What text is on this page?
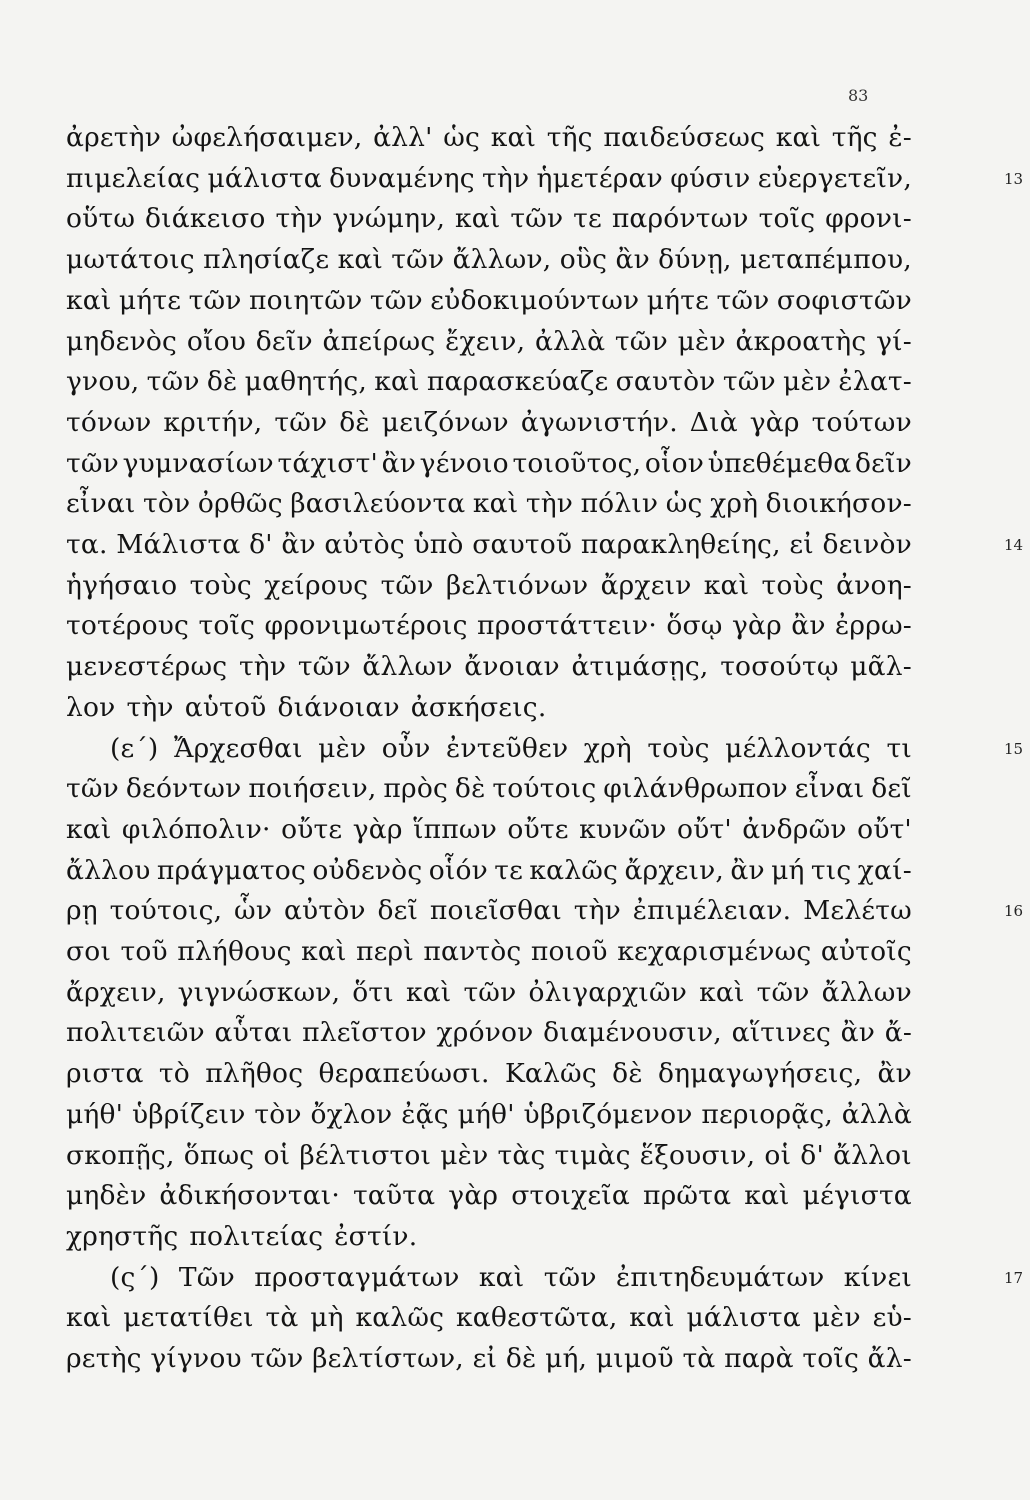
83
ἀρετὴν ὠφελήσαιμεν, ἀλλ' ὡς καὶ τῆς παιδεύσεως καὶ τῆς ἐ-
πιμελείας μάλιστα δυναμένης τὴν ἡμετέραν φύσιν εὐεργετεῖν,
οὕτω διάκεισο τὴν γνώμην, καὶ τῶν τε παρόντων τοῖς φρονι-
μωτάτοις πλησίαζε καὶ τῶν ἄλλων, οὓς ἂν δύνῃ, μεταπέμπου,
καὶ μήτε τῶν ποιητῶν τῶν εὐδοκιμούντων μήτε τῶν σοφιστῶν
μηδενὸς οἴου δεῖν ἀπείρως ἔχειν, ἀλλὰ τῶν μὲν ἀκροατὴς γί-
γνου, τῶν δὲ μαθητής, καὶ παρασκεύαζε σαυτὸν τῶν μὲν ἐλατ-
τόνων κριτήν, τῶν δὲ μειζόνων ἀγωνιστήν. Διὰ γὰρ τούτων
τῶν γυμνασίων τάχιστ' ἂν γένοιο τοιοῦτος, οἷον ὑπεθέμεθα δεῖν
εἶναι τὸν ὀρθῶς βασιλεύοντα καὶ τὴν πόλιν ὡς χρὴ διοικήσον-
τα. Μάλιστα δ' ἂν αὐτὸς ὑπὸ σαυτοῦ παρακληθείης, εἰ δεινὸν
ἡγήσαιο τοὺς χείρους τῶν βελτιόνων ἄρχειν καὶ τοὺς ἀνοη-
τοτέρους τοῖς φρονιμωτέροις προστάττειν· ὅσῳ γὰρ ἂν ἐρρω-
μενεστέρως τὴν τῶν ἄλλων ἄνοιαν ἀτιμάσῃς, τοσούτῳ μᾶλ-
λον τὴν αὑτοῦ διάνοιαν ἀσκήσεις.
(ε΄) Ἄρχεσθαι μὲν οὖν ἐντεῦθεν χρὴ τοὺς μέλλοντάς τι
τῶν δεόντων ποιήσειν, πρὸς δὲ τούτοις φιλάνθρωπον εἶναι δεῖ
καὶ φιλόπολιν· οὔτε γὰρ ἵππων οὔτε κυνῶν οὔτ' ἀνδρῶν οὔτ'
ἄλλου πράγματος οὐδενὸς οἷόν τε καλῶς ἄρχειν, ἂν μή τις χαί-
ρῃ τούτοις, ὧν αὐτὸν δεῖ ποιεῖσθαι τὴν ἐπιμέλειαν. Μελέτω
σοι τοῦ πλήθους καὶ περὶ παντὸς ποιοῦ κεχαρισμένως αὐτοῖς
ἄρχειν, γιγνώσκων, ὅτι καὶ τῶν ὀλιγαρχιῶν καὶ τῶν ἄλλων
πολιτειῶν αὗται πλεῖστον χρόνον διαμένουσιν, αἵτινες ἂν ἄ-
ριστα τὸ πλῆθος θεραπεύωσι. Καλῶς δὲ δημαγωγήσεις, ἂν
μήθ' ὑβρίζειν τὸν ὄχλον ἐᾷς μήθ' ὑβριζόμενον περιορᾷς, ἀλλὰ
σκοπῇς, ὅπως οἱ βέλτιστοι μὲν τὰς τιμὰς ἕξουσιν, οἱ δ' ἄλλοι
μηδὲν ἀδικήσονται· ταῦτα γὰρ στοιχεῖα πρῶτα καὶ μέγιστα
χρηστῆς πολιτείας ἐστίν.
(ς΄) Τῶν προσταγμάτων καὶ τῶν ἐπιτηδευμάτων κίνει
καὶ μετατίθει τὰ μὴ καλῶς καθεστῶτα, καὶ μάλιστα μὲν εὑ-
ρετὴς γίγνου τῶν βελτίστων, εἰ δὲ μή, μιμοῦ τὰ παρὰ τοῖς ἄλ-
13
14
15
16
17
